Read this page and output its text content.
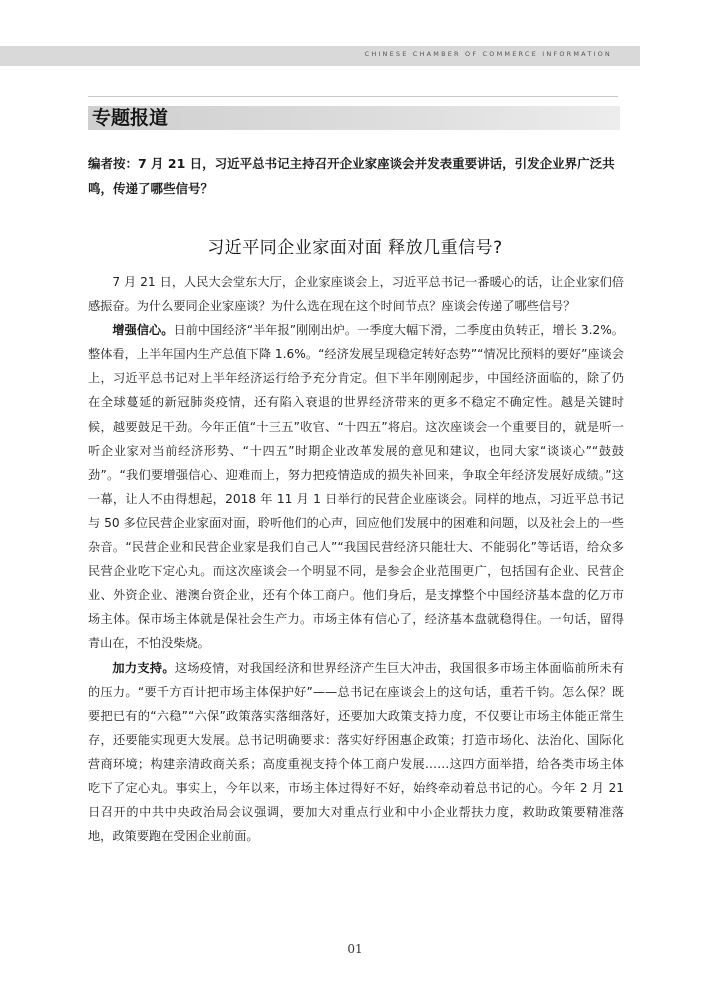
CHINESE CHAMBER OF COMMERCE INFORMATION
专题报道
编者按：7 月 21 日，习近平总书记主持召开企业家座谈会并发表重要讲话，引发企业界广泛共鸣，传递了哪些信号？
习近平同企业家面对面 释放几重信号?

7 月 21 日，人民大会堂东大厅，企业家座谈会上，习近平总书记一番暖心的话，让企业家们倍感振奋。为什么要同企业家座谈？为什么选在现在这个时间节点？座谈会传递了哪些信号？

增强信心。日前中国经济“半年报”刚刚出炉。一季度大幅下滑，二季度由负转正，增长 3.2%。整体看，上半年国内生产总值下降 1.6%。“经济发展呈现稳定转好态势”“情况比预料的要好”座谈会上，习近平总书记对上半年经济运行给予充分肯定。但下半年刚刚起步，中国经济面临的，除了仍在全球蔓延的新冠肺炎疫情，还有陷入衰退的世界经济带来的更多不稳定不确定性。越是关键时候，越要鼓足干劲。今年正值“十三五”收官、“十四五”将启。这次座谈会一个重要目的，就是听一听企业家对当前经济形势、“十四五”时期企业改革发展的意见和建议，也同大家“谈谈心”“鼓鼓劲”。“我们要增强信心、迎难而上，努力把疫情造成的损失补回来，争取全年经济发展好成绩。”这一幕，让人不由得想起，2018 年 11 月 1 日举行的民营企业座谈会。同样的地点，习近平总书记与 50 多位民营企业家面对面，聆听他们的心声，回应他们发展中的困难和问题，以及社会上的一些杂音。“民营企业和民营企业家是我们自己人”“我国民营经济只能壮大、不能弱化”等话语，给众多民营企业吃下定心丸。而这次座谈会一个明显不同，是参会企业范围更广，包括国有企业、民营企业、外资企业、港澳台资企业，还有个体工商户。他们身后，是支撑整个中国经济基本盘的亿万市场主体。保市场主体就是保社会生产力。市场主体有信心了，经济基本盘就稳得住。一句话，留得青山在，不怕没柴烧。

加力支持。这场疫情，对我国经济和世界经济产生巨大冲击，我国很多市场主体面临前所未有的压力。“要千方百计把市场主体保护好”——总书记在座谈会上的这句话，重若千钧。怎么保？既要把已有的“六稳”“六保”政策落实落细落好，还要加大政策支持力度，不仅要让市场主体能正常生存，还要能实现更大发展。总书记明确要求：落实好纾困惠企政策；打造市场化、法治化、国际化营商环境；构建亲清政商关系；高度重视支持个体工商户发展……这四方面举措，给各类市场主体吃下了定心丸。事实上，今年以来，市场主体过得好不好，始终牵动着总书记的心。今年 2 月 21 日召开的中共中央政治局会议强调，要加大对重点行业和中小企业帮扶力度，救助政策要精准落地，政策要跑在受困企业前面。

01
